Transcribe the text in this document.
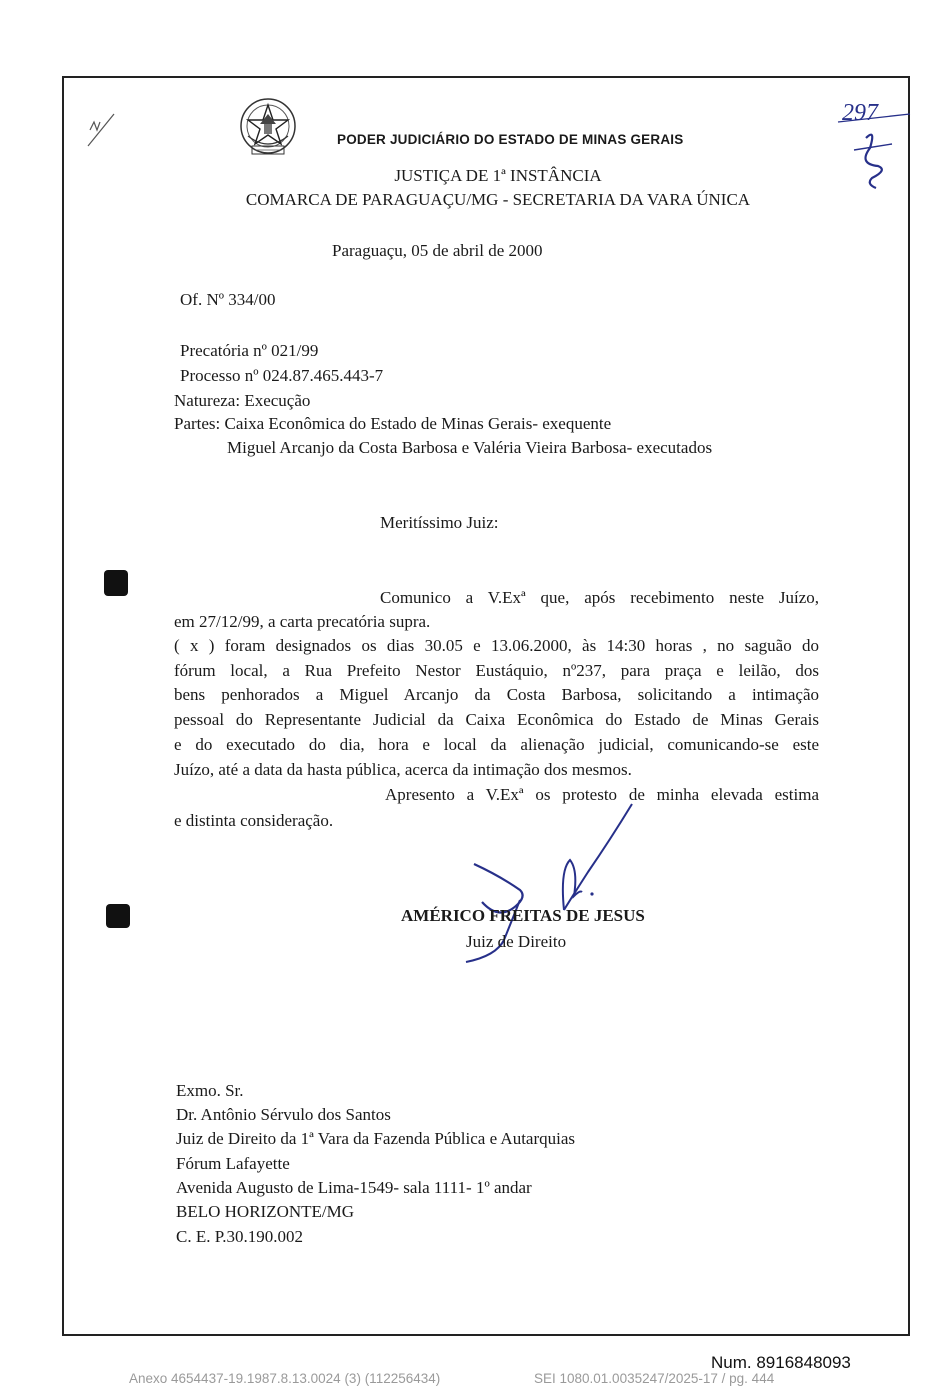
PODER JUDICIÁRIO DO ESTADO DE MINAS GERAIS
JUSTIÇA DE 1ª INSTÂNCIA
COMARCA DE PARAGUAÇU/MG - SECRETARIA DA VARA ÚNICA
297
Paraguaçu, 05 de abril de 2000
Of. Nº 334/00
Precatória nº 021/99
Processo nº 024.87.465.443-7
Natureza: Execução
Partes: Caixa Econômica do Estado de Minas Gerais- exequente
Miguel Arcanjo da Costa Barbosa e Valéria Vieira Barbosa- executados
Meritíssimo Juiz:
Comunico a V.Exª que, após recebimento neste Juízo,
em 27/12/99, a carta precatória supra.
( x ) foram designados os dias 30.05 e 13.06.2000, às 14:30 horas , no saguão do
fórum local, a Rua Prefeito Nestor Eustáquio, nº237, para praça e leilão, dos
bens penhorados a Miguel Arcanjo da Costa Barbosa, solicitando a intimação
pessoal do Representante Judicial da Caixa Econômica do Estado de Minas Gerais
e do executado do dia, hora e local da alienação judicial, comunicando-se este
Juízo, até a data da hasta pública, acerca da intimação dos mesmos.
Apresento a V.Exª os protesto de minha elevada estima
e distinta consideração.
AMÉRICO FREITAS DE JESUS
Juiz de Direito
Exmo. Sr.
Dr. Antônio Sérvulo dos Santos
Juiz de Direito da 1ª Vara da Fazenda Pública e Autarquias
Fórum Lafayette
Avenida Augusto de Lima-1549- sala 1111- 1º andar
BELO HORIZONTE/MG
C. E. P.30.190.002
Num. 8916848093
Anexo 4654437-19.1987.8.13.0024 (3) (112256434)	SEI 1080.01.0035247/2025-17 / pg. 444
